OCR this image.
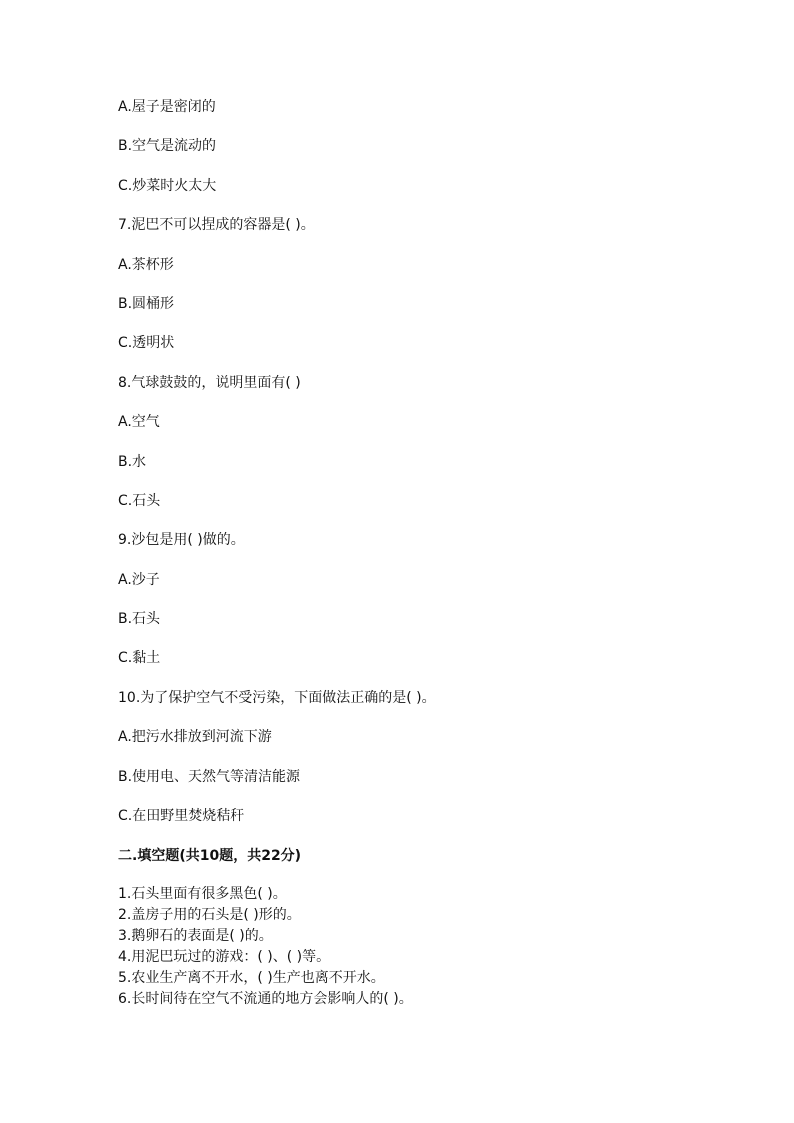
A.屋子是密闭的
B.空气是流动的
C.炒菜时火太大
7.泥巴不可以捏成的容器是( )。
A.茶杯形
B.圆桶形
C.透明状
8.气球鼓鼓的，说明里面有( )
A.空气
B.水
C.石头
9.沙包是用( )做的。
A.沙子
B.石头
C.黏土
10.为了保护空气不受污染，下面做法正确的是( )。
A.把污水排放到河流下游
B.使用电、天然气等清洁能源
C.在田野里焚烧秸秆
二.填空题(共10题，共22分)
1.石头里面有很多黑色( )。
2.盖房子用的石头是( )形的。
3.鹅卵石的表面是( )的。
4.用泥巴玩过的游戏：( )、( )等。
5.农业生产离不开水，( )生产也离不开水。
6.长时间待在空气不流通的地方会影响人的( )。
